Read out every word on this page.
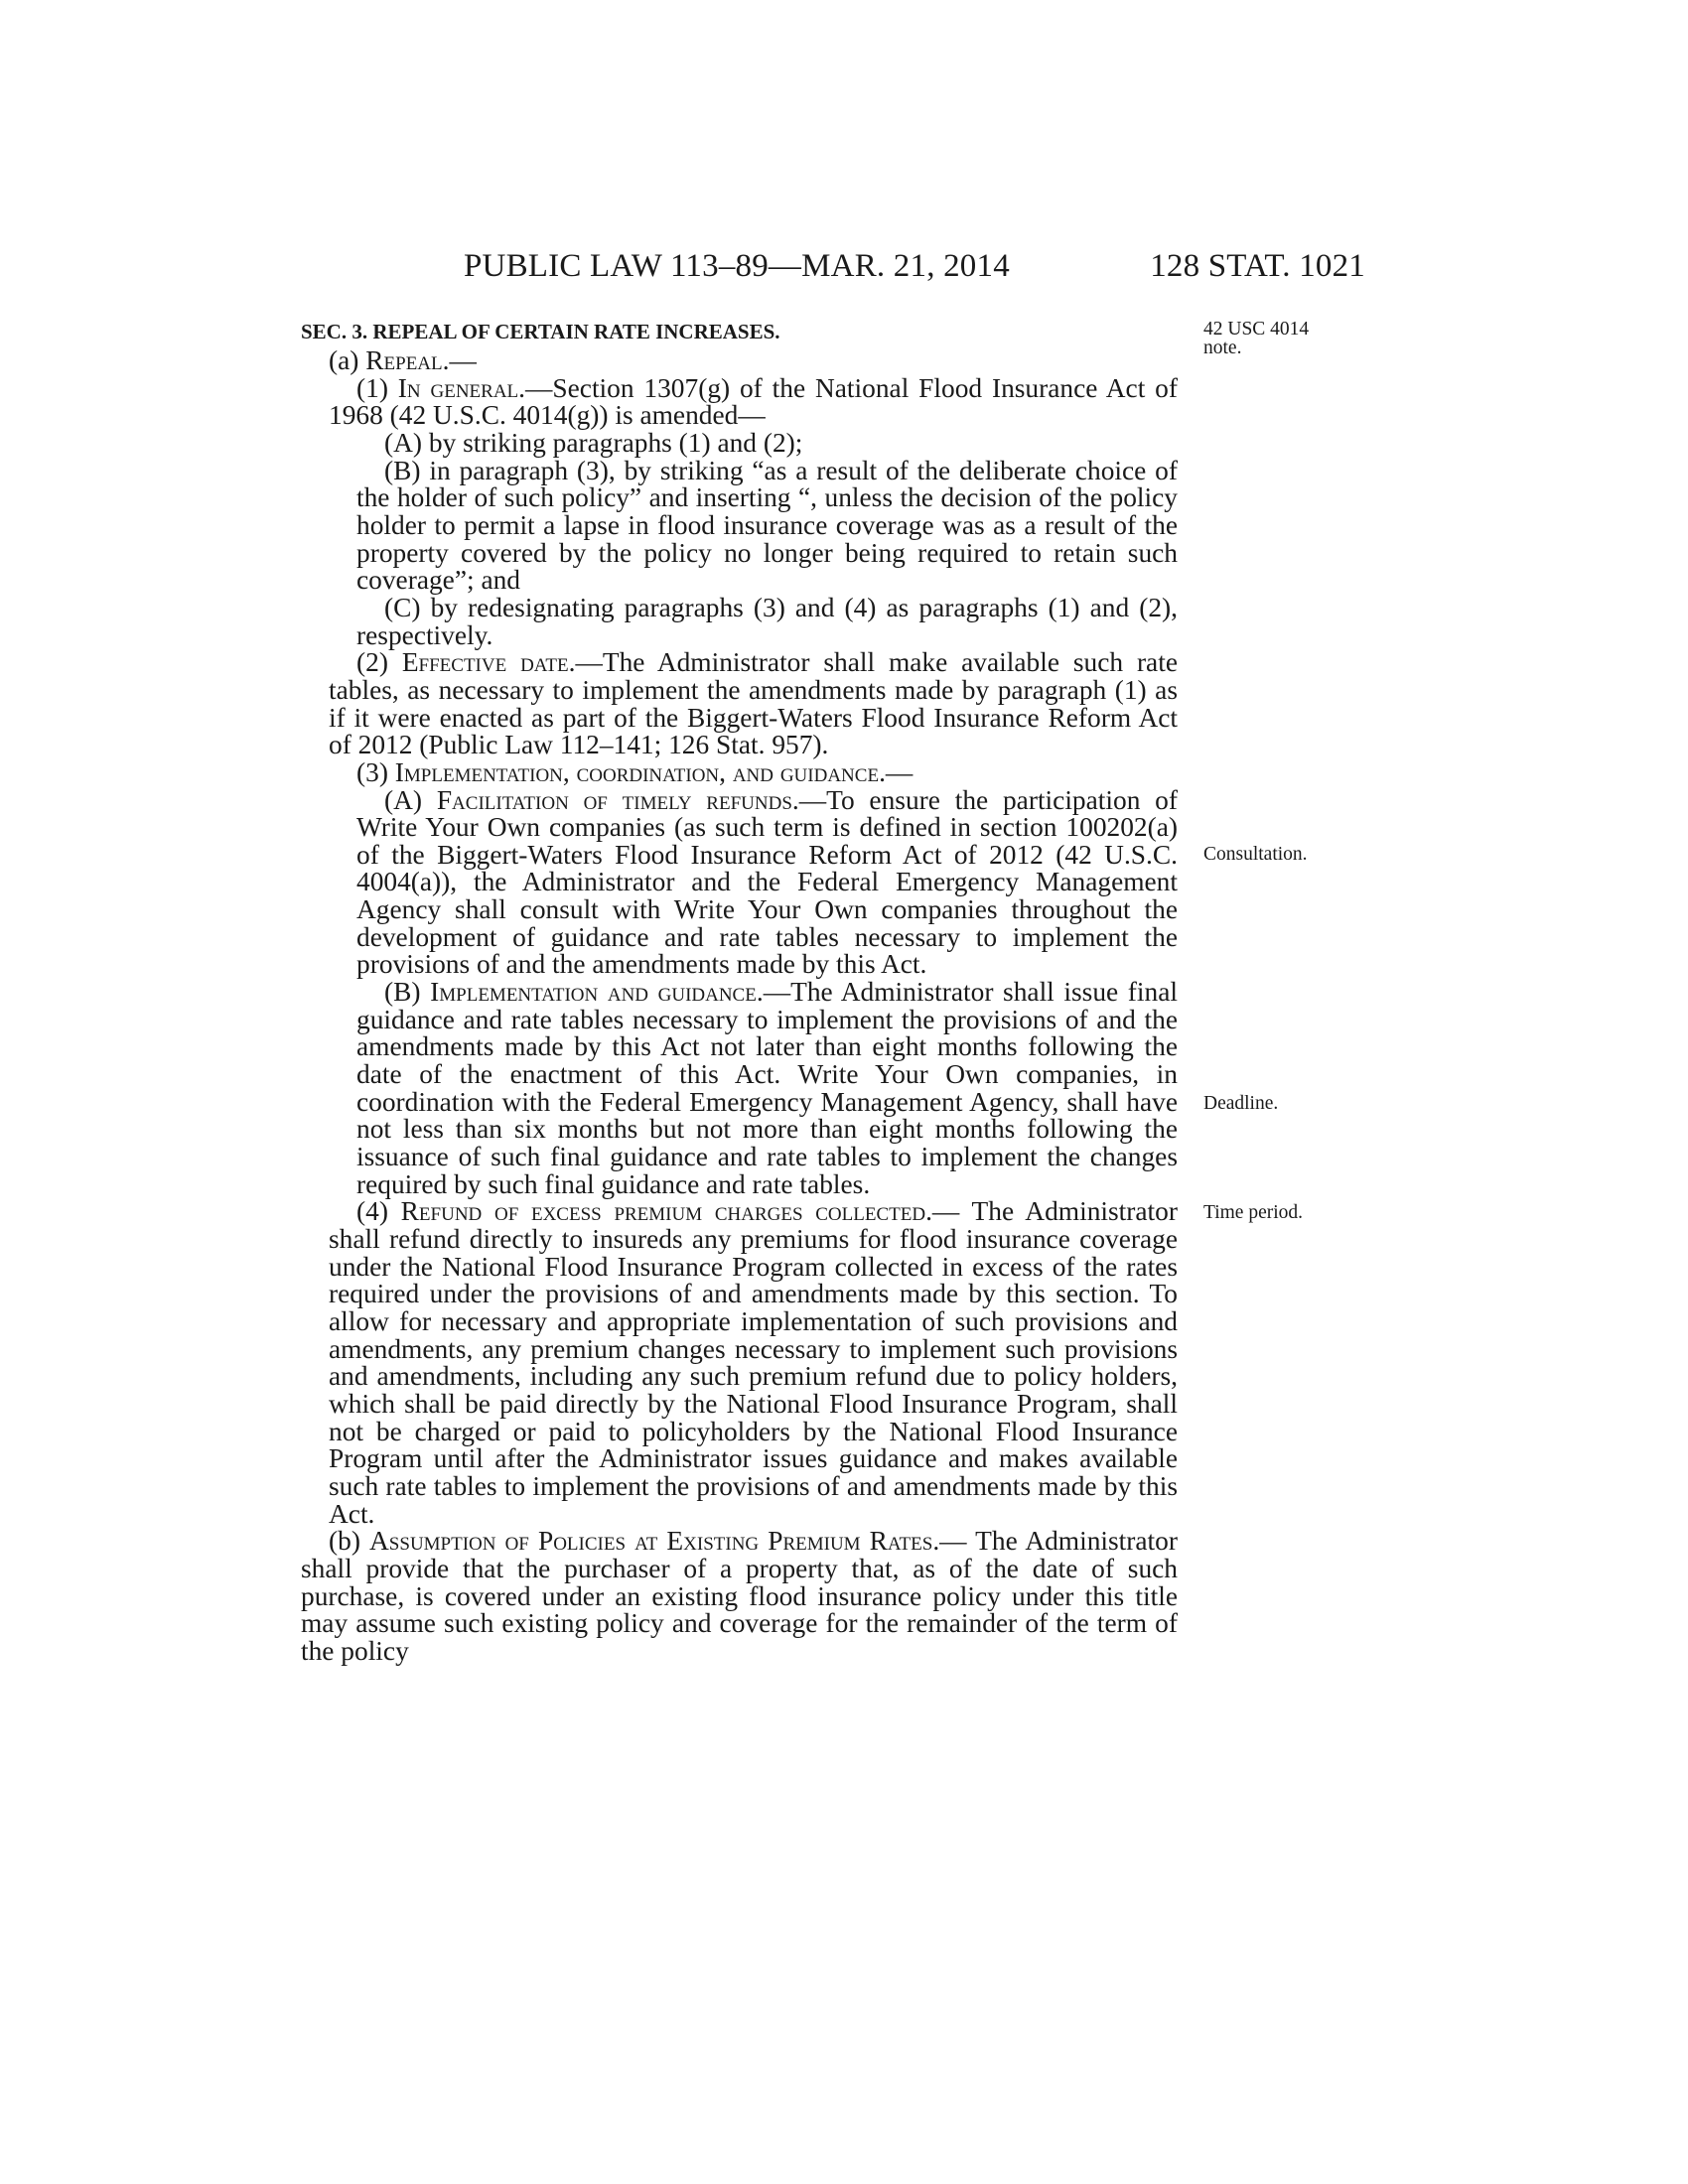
PUBLIC LAW 113–89—MAR. 21, 2014	128 STAT. 1021
42 USC 4014
note.
Consultation.
Deadline.
Time period.
SEC. 3. REPEAL OF CERTAIN RATE INCREASES.
(a) Repeal.—
(1) In general.—Section 1307(g) of the National Flood Insurance Act of 1968 (42 U.S.C. 4014(g)) is amended—
(A) by striking paragraphs (1) and (2);
(B) in paragraph (3), by striking “as a result of the deliberate choice of the holder of such policy” and inserting “, unless the decision of the policy holder to permit a lapse in flood insurance coverage was as a result of the property covered by the policy no longer being required to retain such coverage”; and
(C) by redesignating paragraphs (3) and (4) as paragraphs (1) and (2), respectively.
(2) Effective date.—The Administrator shall make available such rate tables, as necessary to implement the amendments made by paragraph (1) as if it were enacted as part of the Biggert-Waters Flood Insurance Reform Act of 2012 (Public Law 112–141; 126 Stat. 957).
(3) Implementation, coordination, and guidance.—
(A) Facilitation of timely refunds.—To ensure the participation of Write Your Own companies (as such term is defined in section 100202(a) of the Biggert-Waters Flood Insurance Reform Act of 2012 (42 U.S.C. 4004(a)), the Administrator and the Federal Emergency Management Agency shall consult with Write Your Own companies throughout the development of guidance and rate tables necessary to implement the provisions of and the amendments made by this Act.
(B) Implementation and guidance.—The Administrator shall issue final guidance and rate tables necessary to implement the provisions of and the amendments made by this Act not later than eight months following the date of the enactment of this Act. Write Your Own companies, in coordination with the Federal Emergency Management Agency, shall have not less than six months but not more than eight months following the issuance of such final guidance and rate tables to implement the changes required by such final guidance and rate tables.
(4) Refund of excess premium charges collected.— The Administrator shall refund directly to insureds any premiums for flood insurance coverage under the National Flood Insurance Program collected in excess of the rates required under the provisions of and amendments made by this section. To allow for necessary and appropriate implementation of such provisions and amendments, any premium changes necessary to implement such provisions and amendments, including any such premium refund due to policy holders, which shall be paid directly by the National Flood Insurance Program, shall not be charged or paid to policyholders by the National Flood Insurance Program until after the Administrator issues guidance and makes available such rate tables to implement the provisions of and amendments made by this Act.
(b) Assumption of Policies at Existing Premium Rates.— The Administrator shall provide that the purchaser of a property that, as of the date of such purchase, is covered under an existing flood insurance policy under this title may assume such existing policy and coverage for the remainder of the term of the policy
